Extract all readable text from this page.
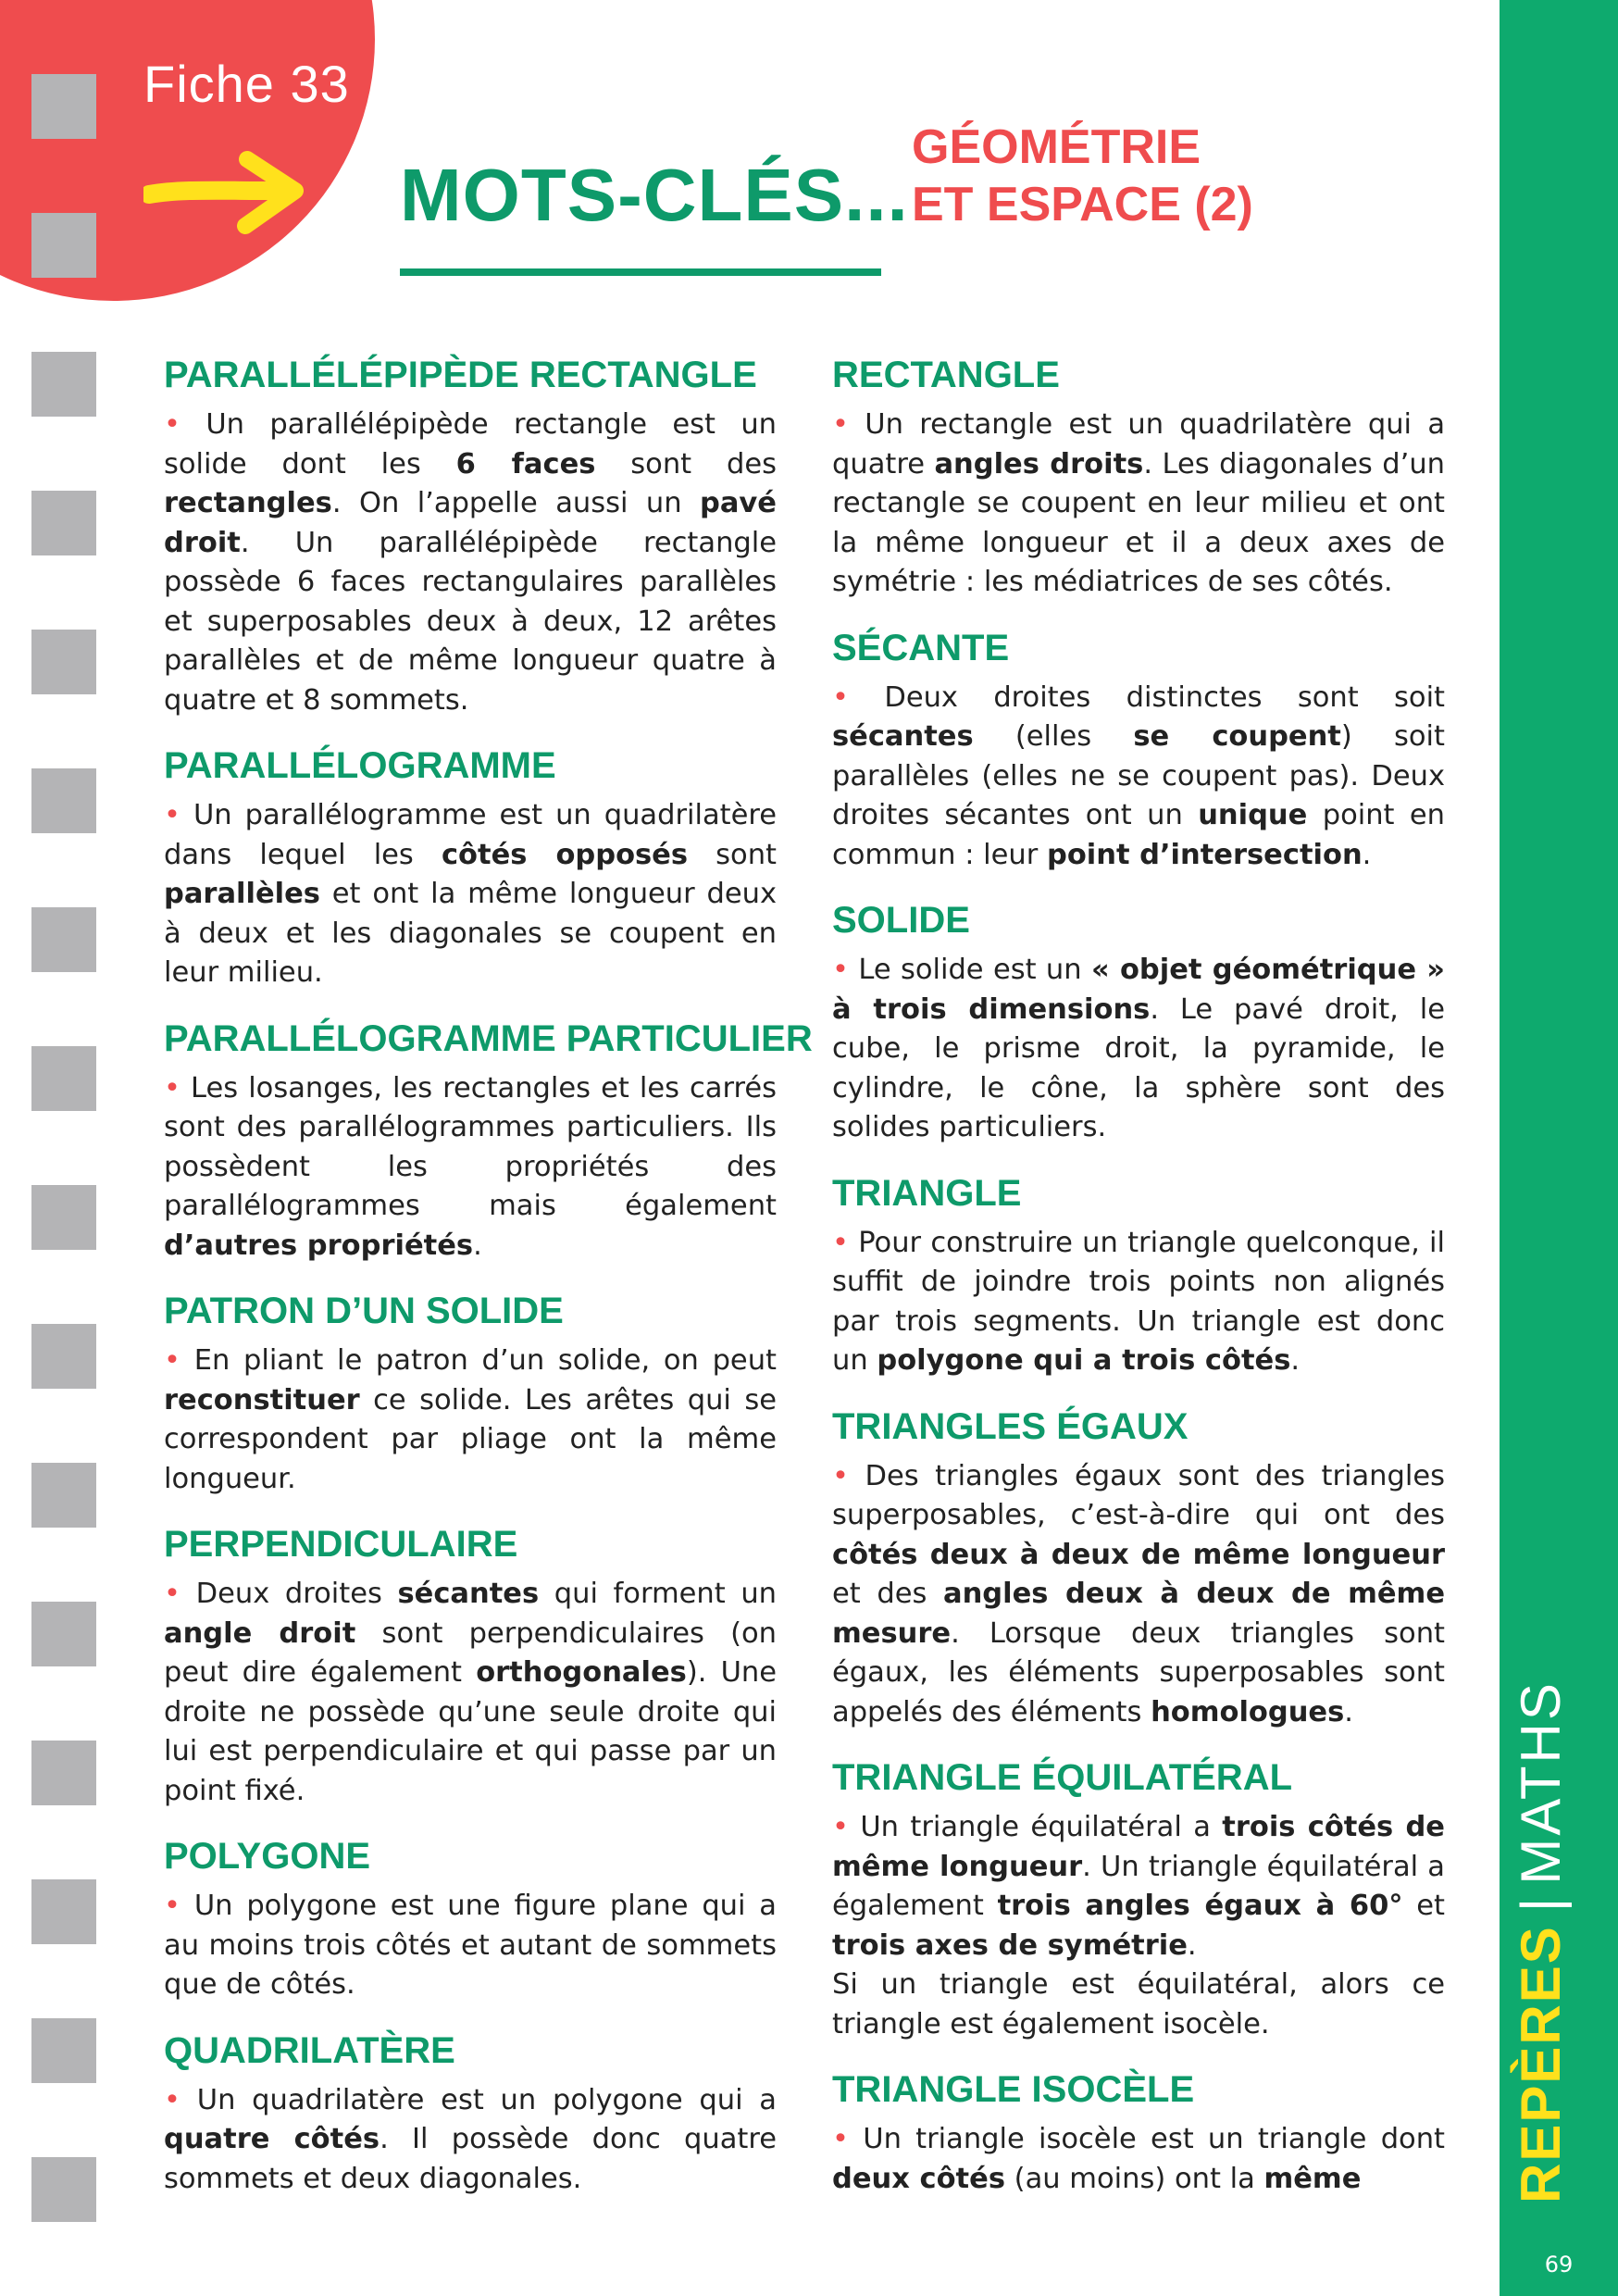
Fiche 33
MOTS-CLÉS...
GÉOMÉTRIE
ET ESPACE (2)
REPÈRES|MATHS
69
PARALLÉLÉPIPÈDE RECTANGLE

• Un parallélépipède rectangle est un solide dont les 6 faces sont des rectangles. On l’appelle aussi un pavé droit. Un parallélépipède rectangle possède 6 faces rectangulaires parallèles et superposables deux à deux, 12 arêtes parallèles et de même longueur quatre à quatre et 8 sommets.

PARALLÉLOGRAMME

• Un parallélogramme est un quadrilatère dans lequel les côtés opposés sont parallèles et ont la même longueur deux à deux et les diagonales se coupent en leur milieu.

PARALLÉLOGRAMME PARTICULIER

• Les losanges, les rectangles et les carrés sont des parallélogrammes particuliers. Ils possèdent les propriétés des parallélogrammes mais également d’autres propriétés.

PATRON D’UN SOLIDE

• En pliant le patron d’un solide, on peut reconstituer ce solide. Les arêtes qui se correspondent par pliage ont la même longueur.

PERPENDICULAIRE

• Deux droites sécantes qui forment un angle droit sont perpendiculaires (on peut dire également orthogonales). Une droite ne possède qu’une seule droite qui lui est perpendiculaire et qui passe par un point fixé.

POLYGONE

• Un polygone est une figure plane qui a au moins trois côtés et autant de sommets que de côtés.

QUADRILATÈRE

• Un quadrilatère est un polygone qui a quatre côtés. Il possède donc quatre sommets et deux diagonales.

RECTANGLE

• Un rectangle est un quadrilatère qui a quatre angles droits. Les diagonales d’un rectangle se coupent en leur milieu et ont la même longueur et il a deux axes de symétrie : les médiatrices de ses côtés.

SÉCANTE

• Deux droites distinctes sont soit sécantes (elles se coupent) soit parallèles (elles ne se coupent pas). Deux droites sécantes ont un unique point en commun : leur point d’intersection.

SOLIDE

• Le solide est un « objet géométrique » à trois dimensions. Le pavé droit, le cube, le prisme droit, la pyramide, le cylindre, le cône, la sphère sont des solides particuliers.

TRIANGLE

• Pour construire un triangle quelconque, il suffit de joindre trois points non alignés par trois segments. Un triangle est donc un polygone qui a trois côtés.

TRIANGLES ÉGAUX

• Des triangles égaux sont des triangles superposables, c’est-à-dire qui ont des côtés deux à deux de même longueur et des angles deux à deux de même mesure. Lorsque deux triangles sont égaux, les éléments superposables sont appelés des éléments homologues.

TRIANGLE ÉQUILATÉRAL

• Un triangle équilatéral a trois côtés de même longueur. Un triangle équilatéral a également trois angles égaux à 60° et trois axes de symétrie.

Si un triangle est équilatéral, alors ce triangle est également isocèle.

TRIANGLE ISOCÈLE

• Un triangle isocèle est un triangle dont deux côtés (au moins) ont la même
